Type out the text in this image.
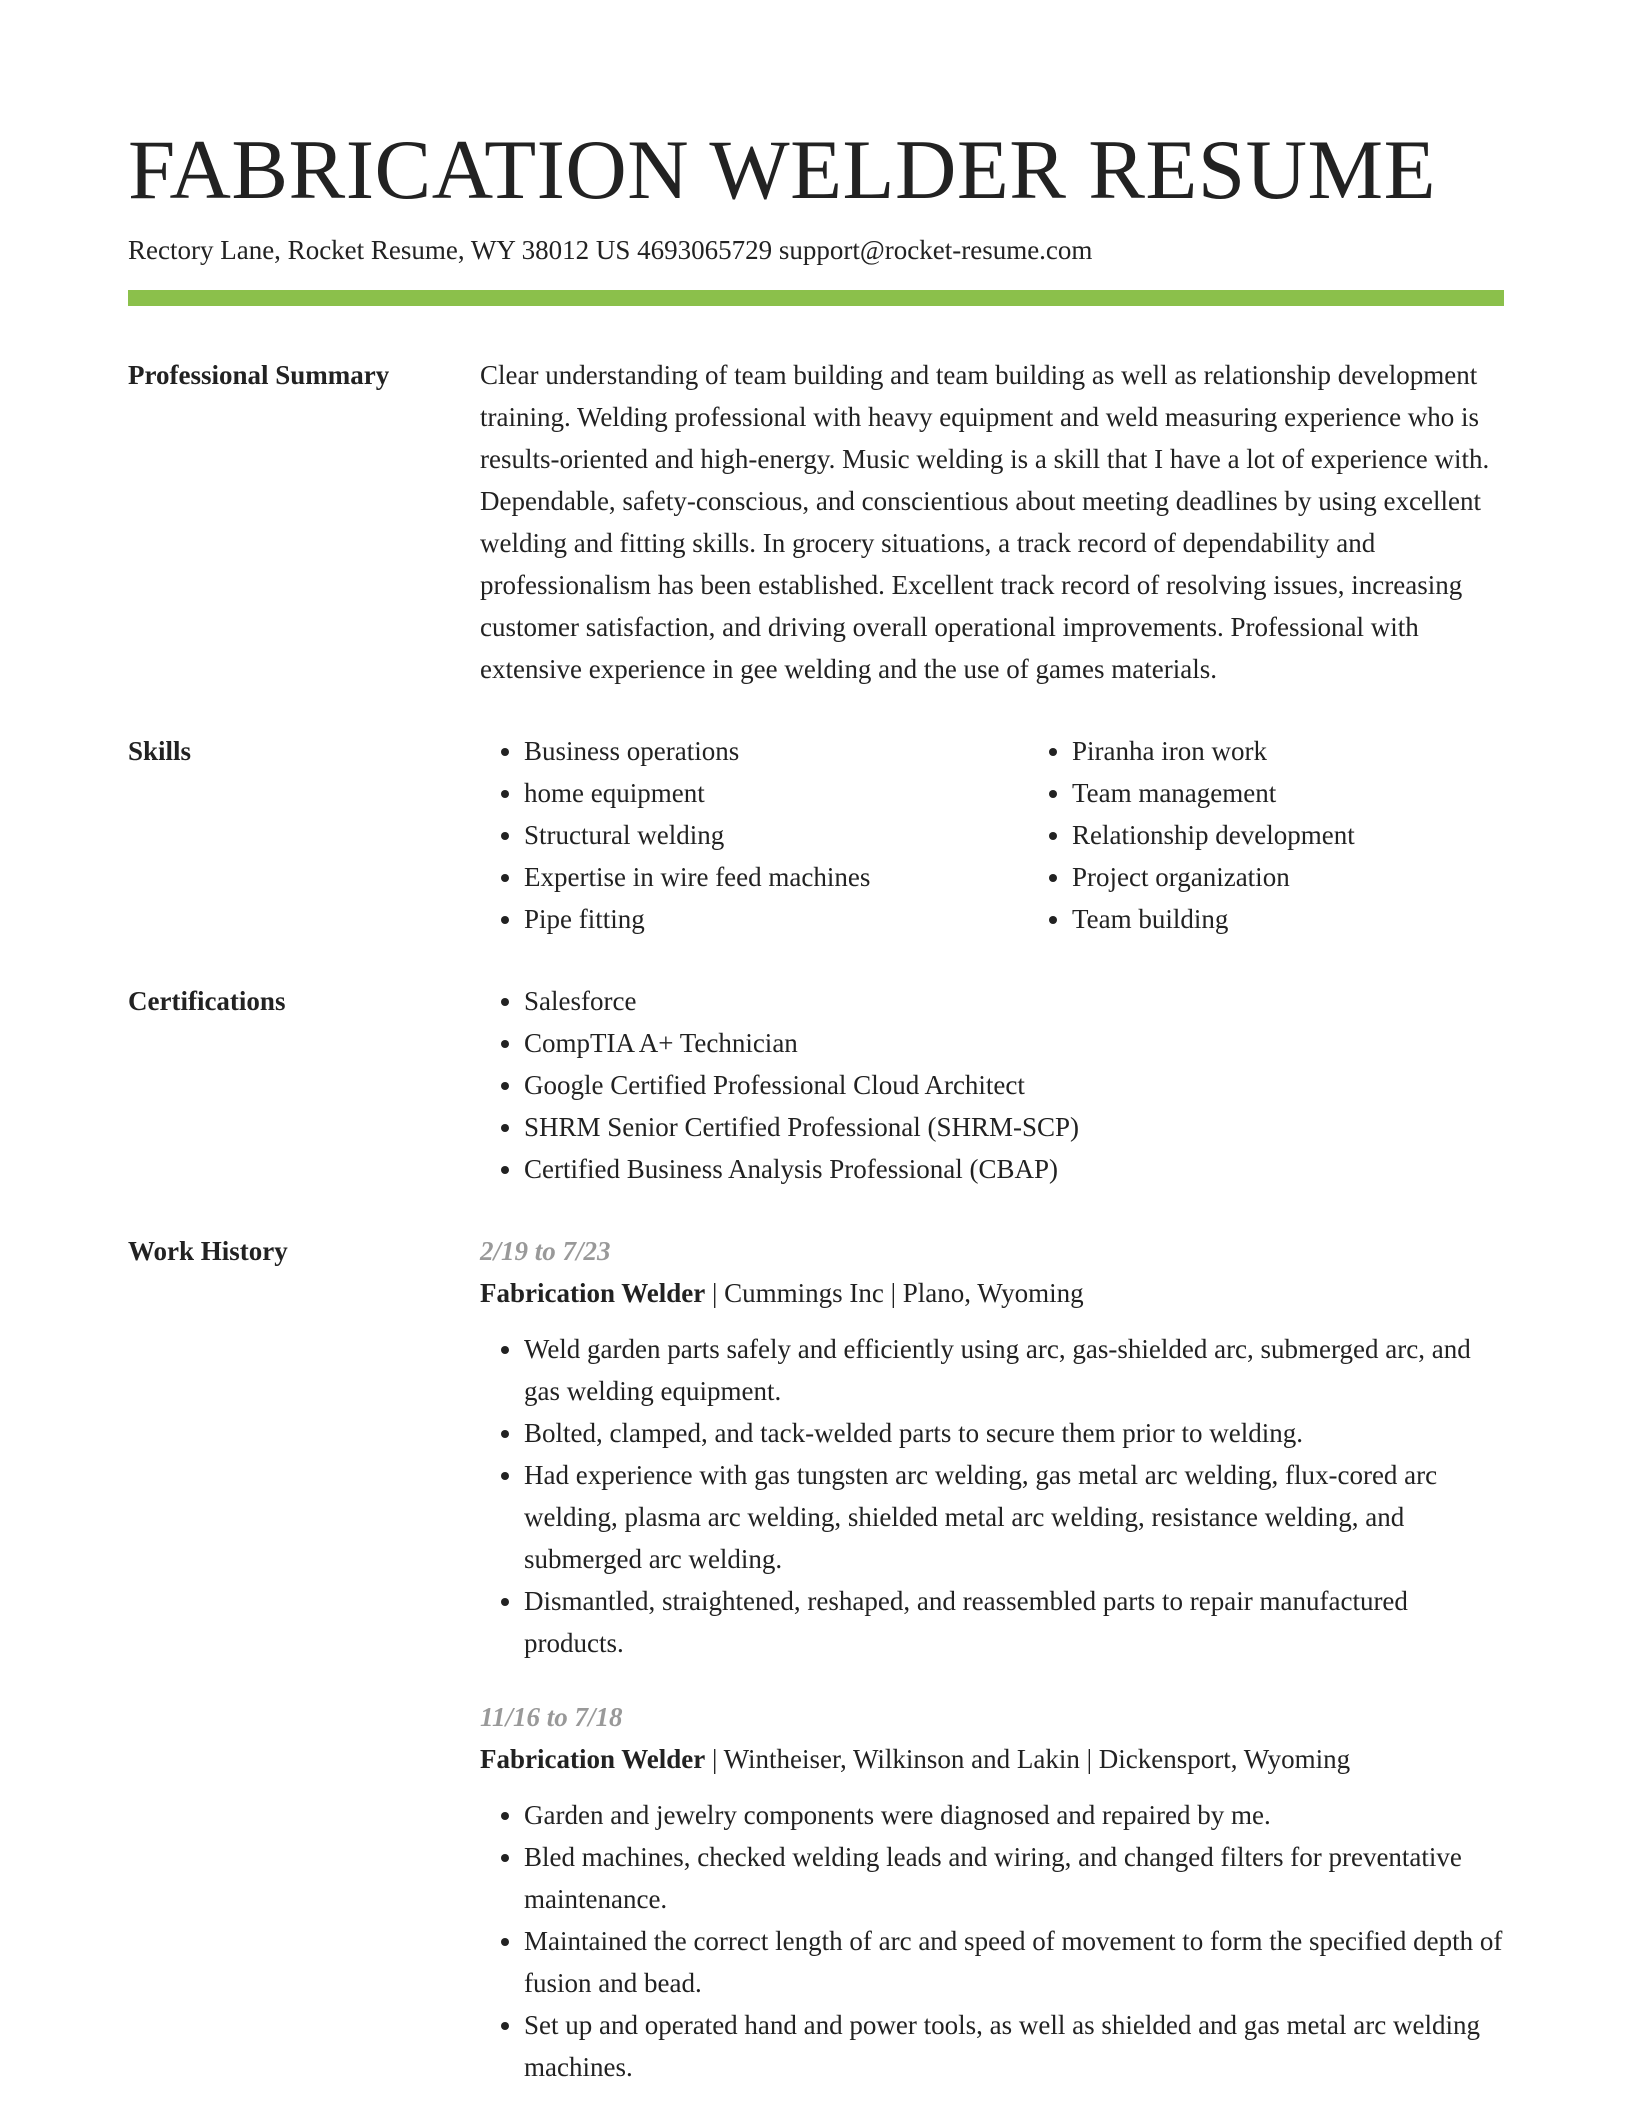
FABRICATION WELDER RESUME
Rectory Lane, Rocket Resume, WY 38012 US 4693065729 support@rocket-resume.com
Professional Summary	Clear understanding of team building and team building as well as relationship development training. Welding professional with heavy equipment and weld measuring experience who is results-oriented and high-energy. Music welding is a skill that I have a lot of experience with. Dependable, safety-conscious, and conscientious about meeting deadlines by using excellent welding and fitting skills. In grocery situations, a track record of dependability and professionalism has been established. Excellent track record of resolving issues, increasing customer satisfaction, and driving overall operational improvements. Professional with extensive experience in gee welding and the use of games materials.

Skills	• Business operations
• home equipment
• Structural welding
• Expertise in wire feed machines
• Pipe fitting
• Piranha iron work
• Team management
• Relationship development
• Project organization
• Team building
Certifications	• Salesforce
• CompTIA A+ Technician
• Google Certified Professional Cloud Architect
• SHRM Senior Certified Professional (SHRM-SCP)
• Certified Business Analysis Professional (CBAP)
Work History	2/19 to 7/23
Fabrication Welder | Cummings Inc | Plano, Wyoming
• Weld garden parts safely and efficiently using arc, gas-shielded arc, submerged arc, and gas welding equipment.
• Bolted, clamped, and tack-welded parts to secure them prior to welding.
• Had experience with gas tungsten arc welding, gas metal arc welding, flux-cored arc welding, plasma arc welding, shielded metal arc welding, resistance welding, and submerged arc welding.
• Dismantled, straightened, reshaped, and reassembled parts to repair manufactured products.
11/16 to 7/18
Fabrication Welder | Wintheiser, Wilkinson and Lakin | Dickensport, Wyoming
• Garden and jewelry components were diagnosed and repaired by me.
• Bled machines, checked welding leads and wiring, and changed filters for preventative maintenance.
• Maintained the correct length of arc and speed of movement to form the specified depth of fusion and bead.
• Set up and operated hand and power tools, as well as shielded and gas metal arc welding machines.
